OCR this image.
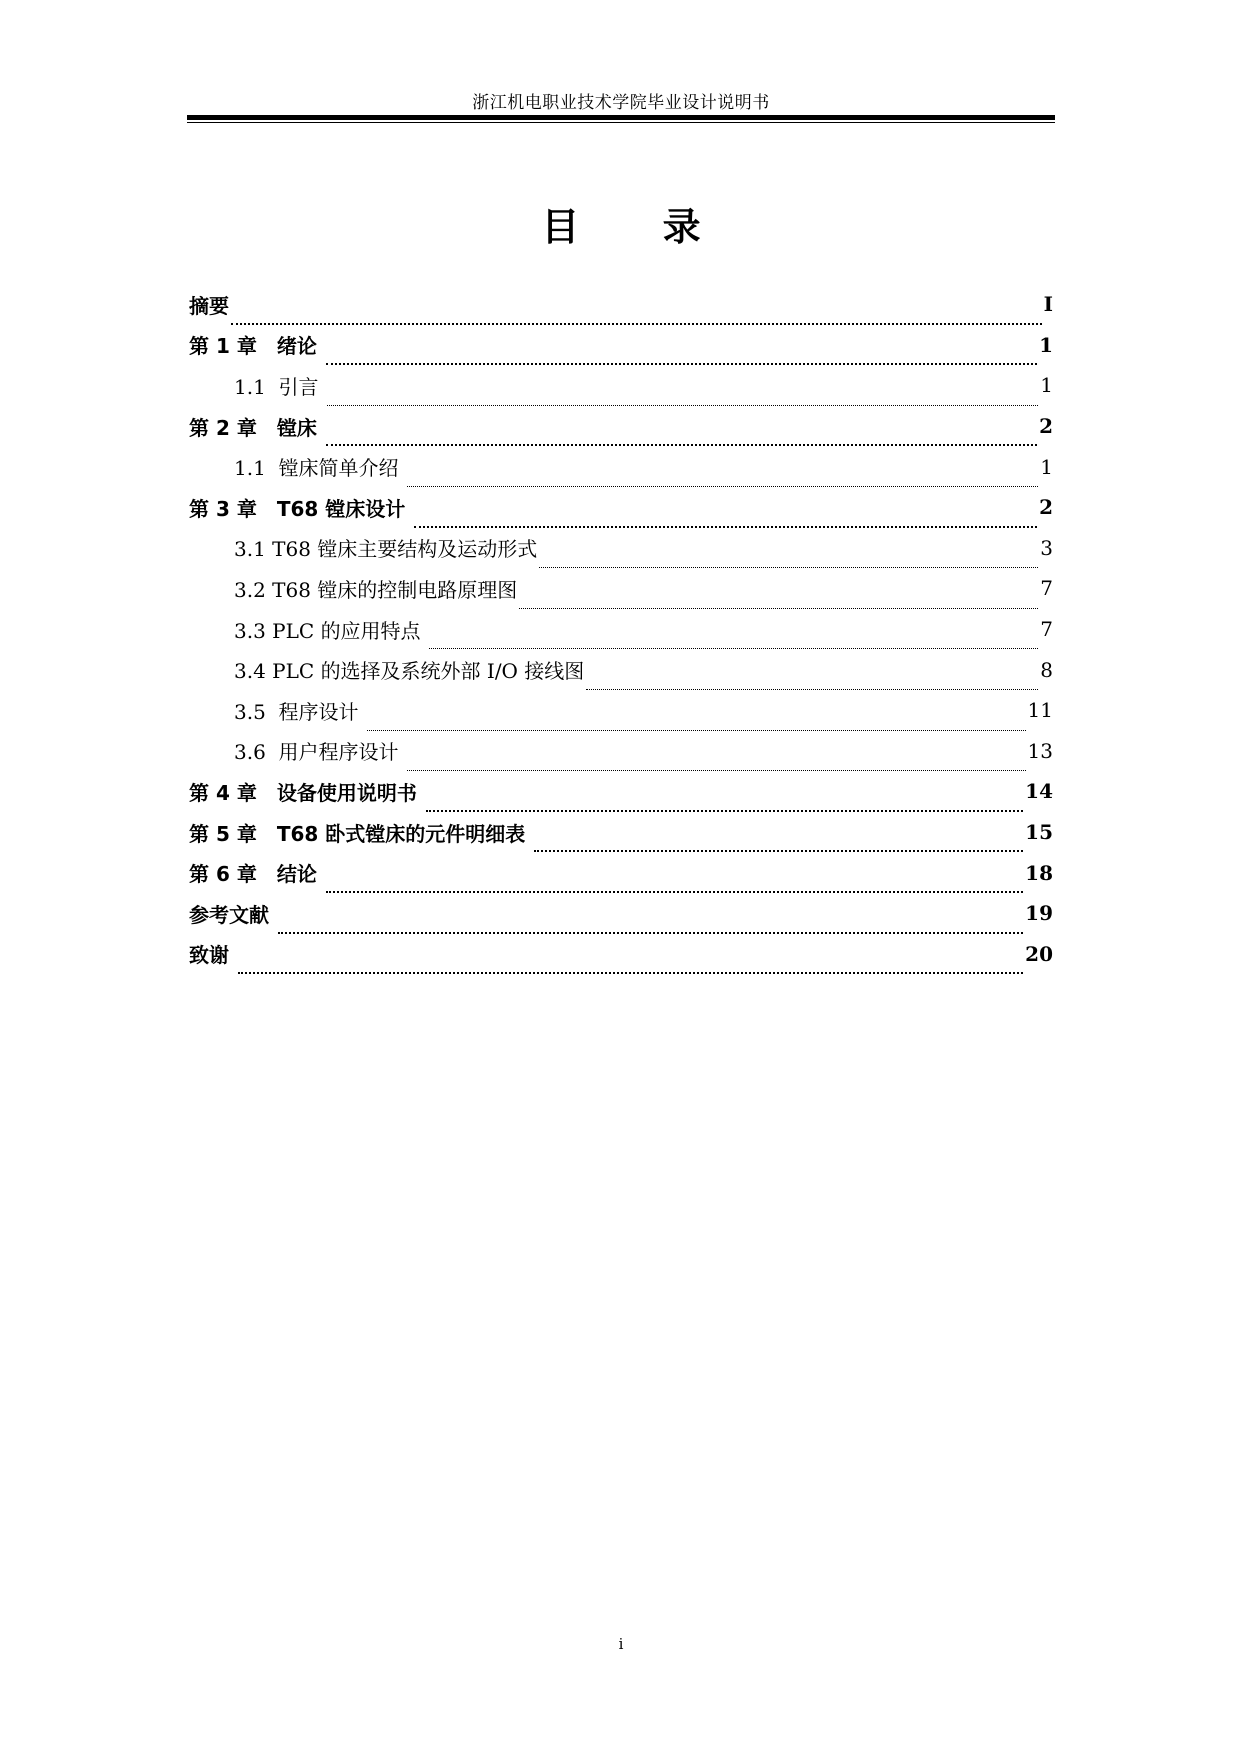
浙江机电职业技术学院毕业设计说明书
目 录
摘要	I
第 1 章　绪论	1
1.1  引言	1
第 2 章　镗床	2
1.1  镗床简单介绍	1
第 3 章　T68 镗床设计	2
3.1 T68 镗床主要结构及运动形式	3
3.2 T68 镗床的控制电路原理图	7
3.3 PLC 的应用特点	7
3.4 PLC 的选择及系统外部 I/O 接线图	8
3.5  程序设计	11
3.6  用户程序设计	13
第 4 章　设备使用说明书	14
第 5 章　T68 卧式镗床的元件明细表	15
第 6 章　结论	18
参考文献	19
致谢	20
i
